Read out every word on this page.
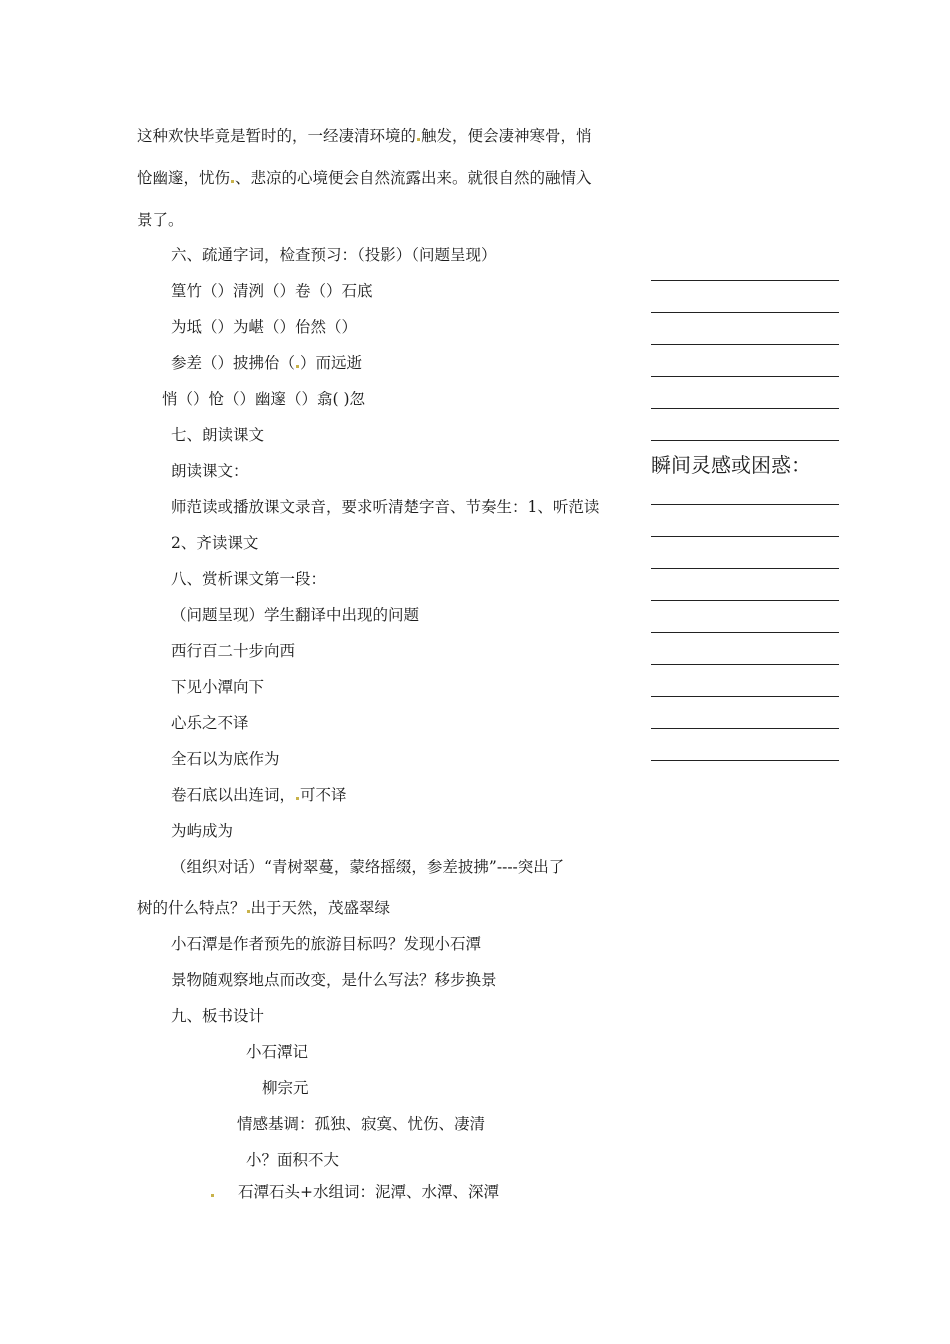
这种欢快毕竟是暂时的，一经凄清环境的 触发，便会凄神寒骨，悄
怆幽邃，忧伤 、悲凉的心境便会自然流露出来。就很自然的融情入
景了。
六、疏通字词，检查预习：（投影）（问题呈现）
篁竹（）清洌（）卷（）石底
为坻（）为嵁（）佁然（）
参差（）披拂佁（ ）而远逝
悄（）怆（）幽邃（）翕( )忽
七、朗读课文
朗读课文：
师范读或播放课文录音，要求听清楚字音、节奏生：1、听范读
2、齐读课文
八、赏析课文第一段：
（问题呈现）学生翻译中出现的问题
西行百二十步向西
下见小潭向下
心乐之不译
全石以为底作为
卷石底以出连词， 可不译
为屿成为
（组织对话）“青树翠蔓，蒙络摇缀，参差披拂”----突出了
树的什么特点？ 出于天然，茂盛翠绿
小石潭是作者预先的旅游目标吗？发现小石潭
景物随观察地点而改变，是什么写法？移步换景
九、板书设计
小石潭记
柳宗元
情感基调：孤独、寂寞、忧伤、凄清
小？面积不大
石潭石头+水组词：泥潭、水潭、深潭
瞬间灵感或困惑：
